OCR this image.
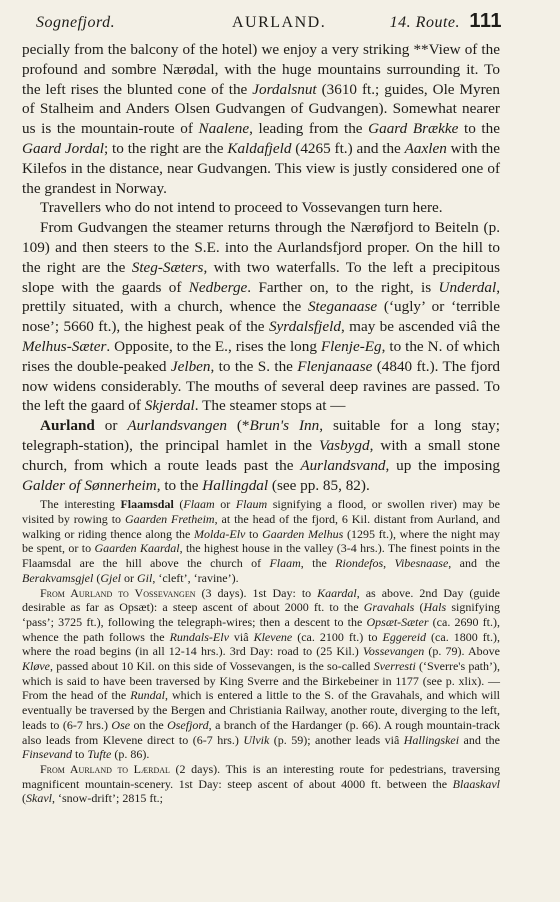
Sognefjord.	AURLAND.	14. Route. 111

pecially from the balcony of the hotel) we enjoy a very striking **View of the profound and sombre Nærødal, with the huge mountains surrounding it. To the left rises the blunted cone of the Jordalsnut (3610 ft.; guides, Ole Myren of Stalheim and Anders Olsen Gudvangen of Gudvangen). Somewhat nearer us is the mountain-route of Naalene, leading from the Gaard Brække to the Gaard Jordal; to the right are the Kaldafjeld (4265 ft.) and the Aaxlen with the Kilefos in the distance, near Gudvangen. This view is justly considered one of the grandest in Norway.

Travellers who do not intend to proceed to Vossevangen turn here.

From Gudvangen the steamer returns through the Nærøfjord to Beiteln (p. 109) and then steers to the S.E. into the Aurlandsfjord proper. On the hill to the right are the Steg-Sæters, with two waterfalls. To the left a precipitous slope with the gaards of Nedberge. Farther on, to the right, is Underdal, prettily situated, with a church, whence the Steganaase (‘ugly’ or ‘terrible nose’; 5660 ft.), the highest peak of the Syrdalsfjeld, may be ascended viâ the Melhus-Sæter. Opposite, to the E., rises the long Flenje-Eg, to the N. of which rises the double-peaked Jelben, to the S. the Flenjanaase (4840 ft.). The fjord now widens considerably. The mouths of several deep ravines are passed. To the left the gaard of Skjerdal. The steamer stops at —

Aurland or Aurlandsvangen (*Brun's Inn, suitable for a long stay; telegraph-station), the principal hamlet in the Vasbygd, with a small stone church, from which a route leads past the Aurlandsvand, up the imposing Galder of Sønnerheim, to the Hallingdal (see pp. 85, 82).

The interesting Flaamsdal (Flaam or Flaum signifying a flood, or swollen river) may be visited by rowing to Gaarden Fretheim, at the head of the fjord, 6 Kil. distant from Aurland, and walking or riding thence along the Molda-Elv to Gaarden Melhus (1295 ft.), where the night may be spent, or to Gaarden Kaardal, the highest house in the valley (3-4 hrs.). The finest points in the Flaamsdal are the hill above the church of Flaam, the Riondefos, Vibesnaase, and the Berakvamsgjel (Gjel or Gil, ‘cleft’, ‘ravine’).

From Aurland to Vossevangen (3 days). 1st Day: to Kaardal, as above. 2nd Day (guide desirable as far as Opsæt): a steep ascent of about 2000 ft. to the Gravahals (Hals signifying ‘pass’; 3725 ft.), following the telegraph-wires; then a descent to the Opsæt-Sæter (ca. 2690 ft.), whence the path follows the Rundals-Elv viâ Klevene (ca. 2100 ft.) to Eggereid (ca. 1800 ft.), where the road begins (in all 12-14 hrs.). 3rd Day: road to (25 Kil.) Vossevangen (p. 79). Above Kløve, passed about 10 Kil. on this side of Vossevangen, is the so-called Sverresti (‘Sverre's path’), which is said to have been traversed by King Sverre and the Birkebeiner in 1177 (see p. xlix). — From the head of the Rundal, which is entered a little to the S. of the Gravahals, and which will eventually be traversed by the Bergen and Christiania Railway, another route, diverging to the left, leads to (6-7 hrs.) Ose on the Osefjord, a branch of the Hardanger (p. 66). A rough mountain-track also leads from Klevene direct to (6-7 hrs.) Ulvik (p. 59); another leads viâ Hallingskei and the Finsevand to Tufte (p. 86).

From Aurland to Lærdal (2 days). This is an interesting route for pedestrians, traversing magnificent mountain-scenery. 1st Day: steep ascent of about 4000 ft. between the Blaaskavl (Skavl, ‘snow-drift’; 2815 ft.;
